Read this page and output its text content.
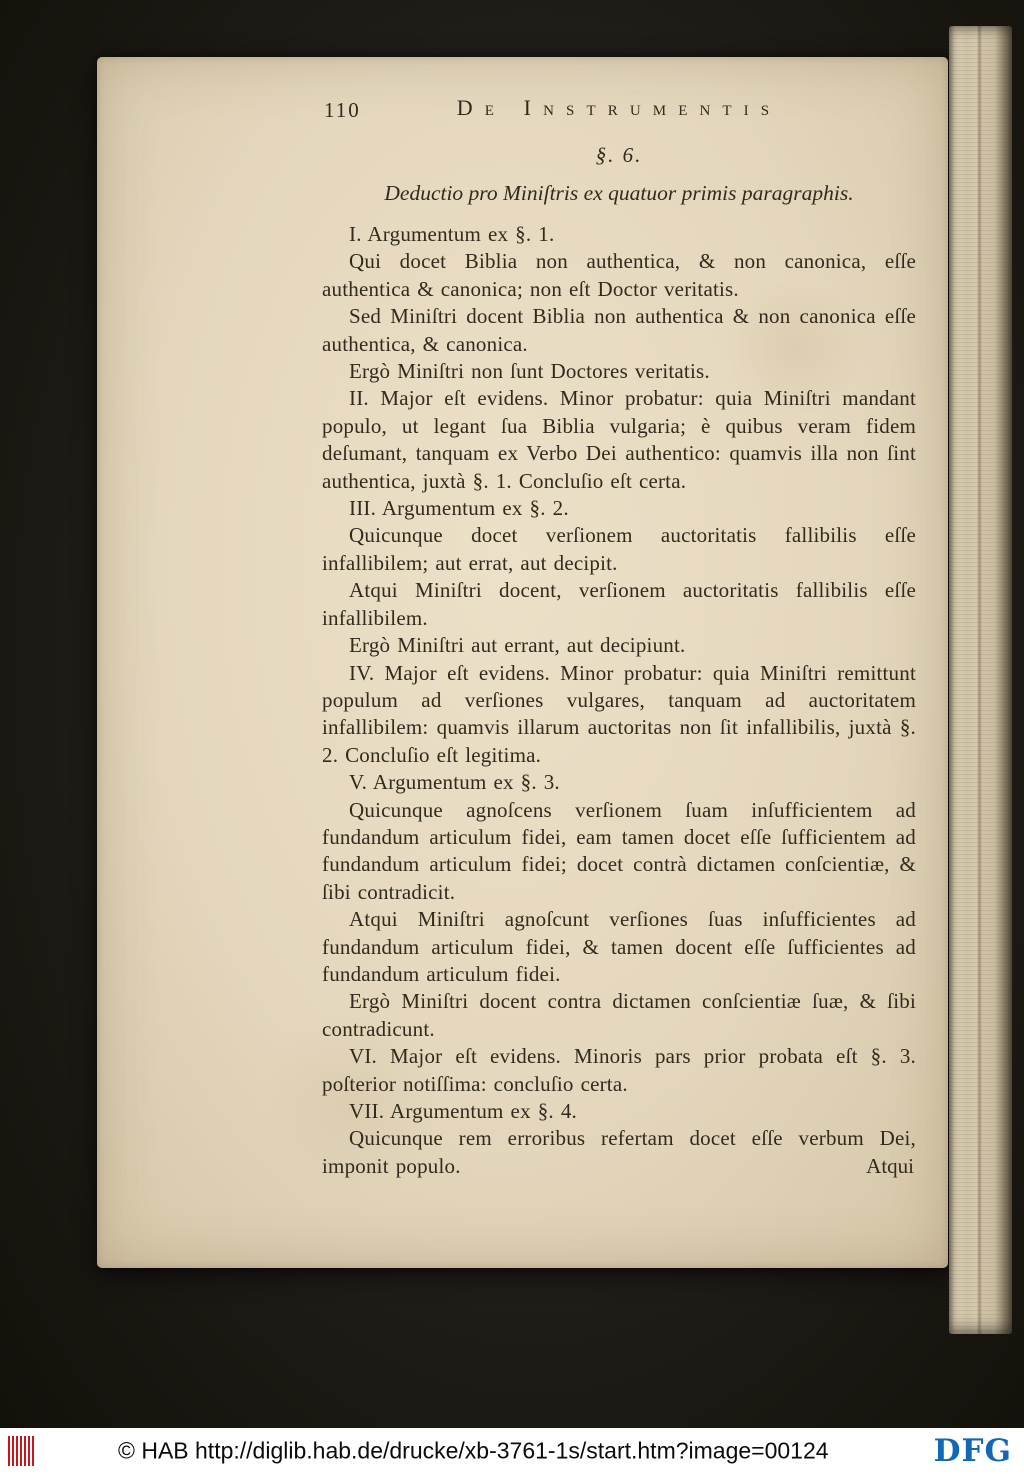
110	De Instrumentis
§. 6.
Deductio pro Miniſtris ex quatuor primis paragraphis.

I. Argumentum ex §. 1.

Qui docet Biblia non authentica, & non canonica, eſſe authentica & canonica; non eſt Doctor veritatis.

Sed Miniſtri docent Biblia non authentica & non canonica eſſe authentica, & canonica.

Ergò Miniſtri non ſunt Doctores veritatis.

II. Major eſt evidens. Minor probatur: quia Miniſtri mandant populo, ut legant ſua Biblia vulgaria; è quibus veram fidem deſumant, tanquam ex Verbo Dei authentico: quamvis illa non ſint authentica, juxtà §. 1. Concluſio eſt certa.

III. Argumentum ex §. 2.

Quicunque docet verſionem auctoritatis fallibilis eſſe infallibilem; aut errat, aut decipit.

Atqui Miniſtri docent, verſionem auctoritatis fallibilis eſſe infallibilem.

Ergò Miniſtri aut errant, aut decipiunt.

IV. Major eſt evidens. Minor probatur: quia Miniſtri remittunt populum ad verſiones vulgares, tanquam ad auctoritatem infallibilem: quamvis illarum auctoritas non ſit infallibilis, juxtà §. 2. Concluſio eſt legitima.

V. Argumentum ex §. 3.

Quicunque agnoſcens verſionem ſuam inſufficientem ad fundandum articulum fidei, eam tamen docet eſſe ſufficientem ad fundandum articulum fidei; docet contrà dictamen conſcientiæ, & ſibi contradicit.

Atqui Miniſtri agnoſcunt verſiones ſuas inſufficientes ad fundandum articulum fidei, & tamen docent eſſe ſufficientes ad fundandum articulum fidei.

Ergò Miniſtri docent contra dictamen conſcientiæ ſuæ, & ſibi contradicunt.

VI. Major eſt evidens. Minoris pars prior probata eſt §. 3. poſterior notiſſima: concluſio certa.

VII. Argumentum ex §. 4.

Quicunque rem erroribus refertam docet eſſe verbum Dei, imponit populo.	Atqui
© HAB http://diglib.hab.de/drucke/xb-3761-1s/start.htm?image=00124	DFG
